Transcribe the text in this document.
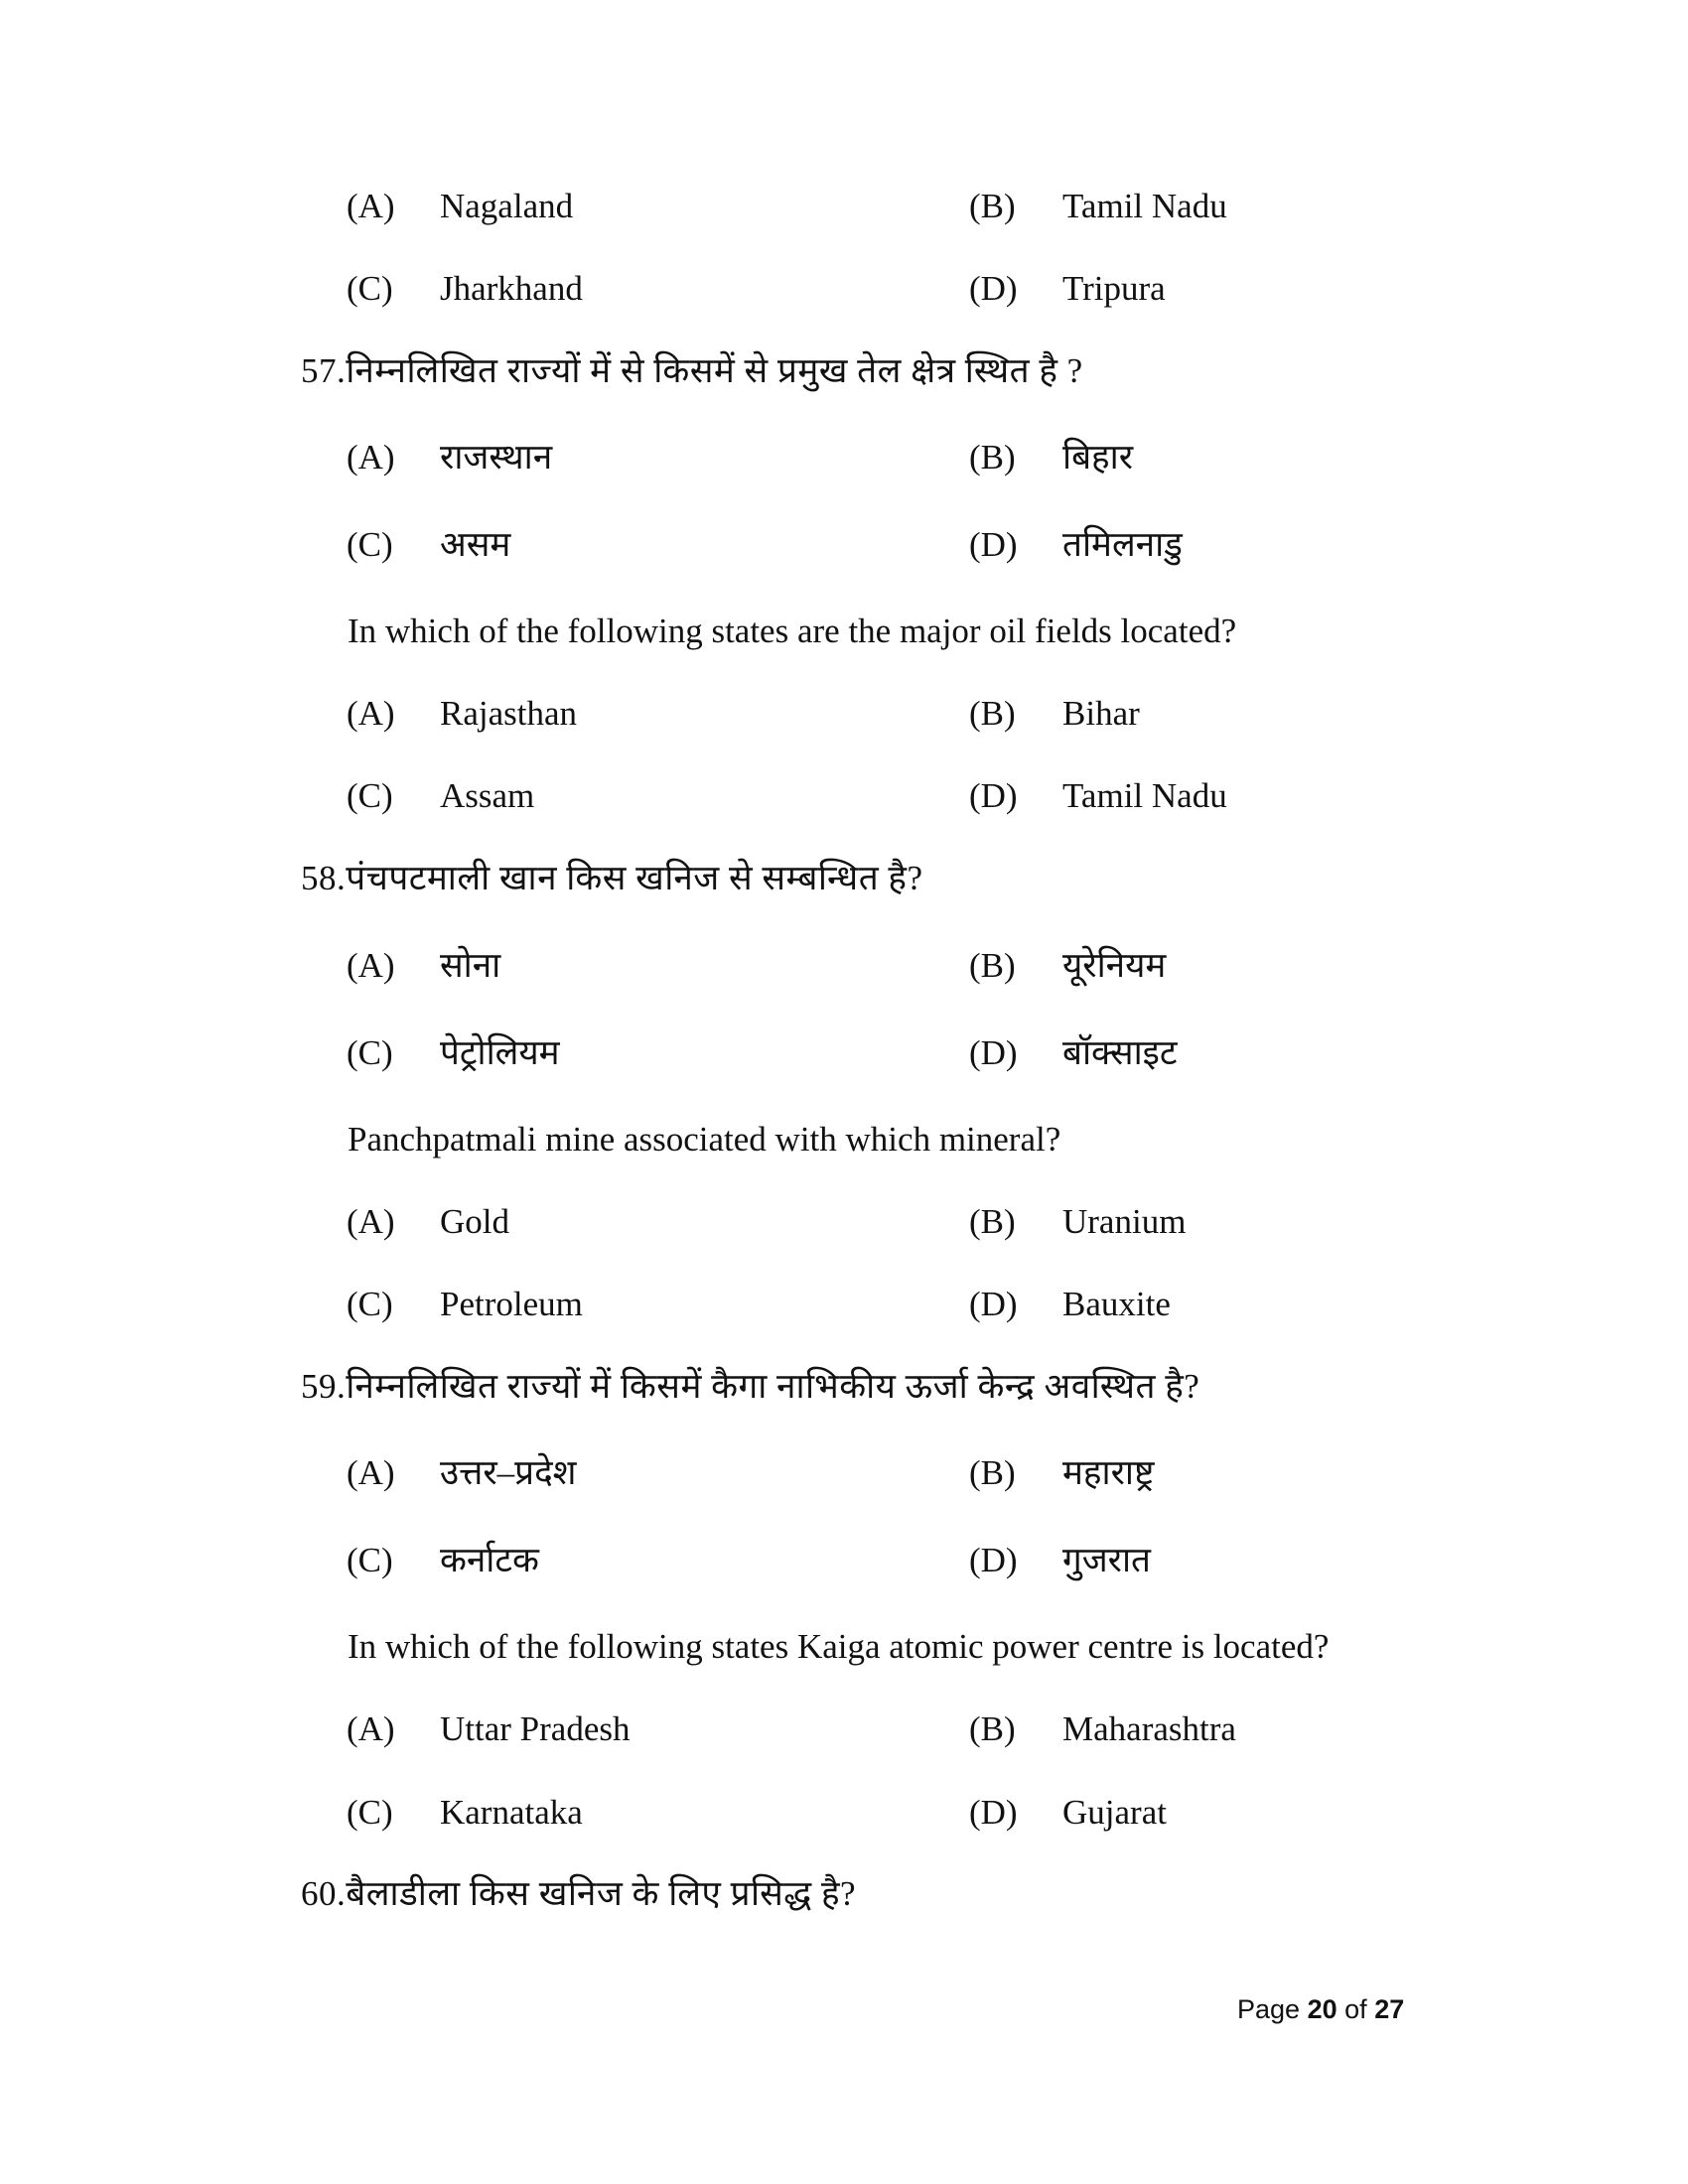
(A) Nagaland	(B) Tamil Nadu
(C) Jharkhand	(D) Tripura
57.निम्नलिखित राज्यों में से किसमें से प्रमुख तेल क्षेत्र स्थित है ?
(A) राजस्थान	(B) बिहार
(C) असम	(D) तमिलनाडु
In which of the following states are the major oil fields located?
(A) Rajasthan	(B) Bihar
(C) Assam	(D) Tamil Nadu
58.पंचपटमाली खान किस खनिज से सम्बन्धित है?
(A) सोना	(B) यूरेनियम
(C) पेट्रोलियम	(D) बॉक्साइट
Panchpatmali mine associated with which mineral?
(A) Gold	(B) Uranium
(C) Petroleum	(D) Bauxite
59.निम्नलिखित राज्यों में किसमें कैगा नाभिकीय ऊर्जा केन्द्र अवस्थित है?
(A) उत्तर–प्रदेश	(B) महाराष्ट्र
(C) कर्नाटक	(D) गुजरात
In which of the following states Kaiga atomic power centre is located?
(A) Uttar Pradesh	(B) Maharashtra
(C) Karnataka	(D) Gujarat
60.बैलाडीला किस खनिज के लिए प्रसिद्ध है?
Page 20 of 27
